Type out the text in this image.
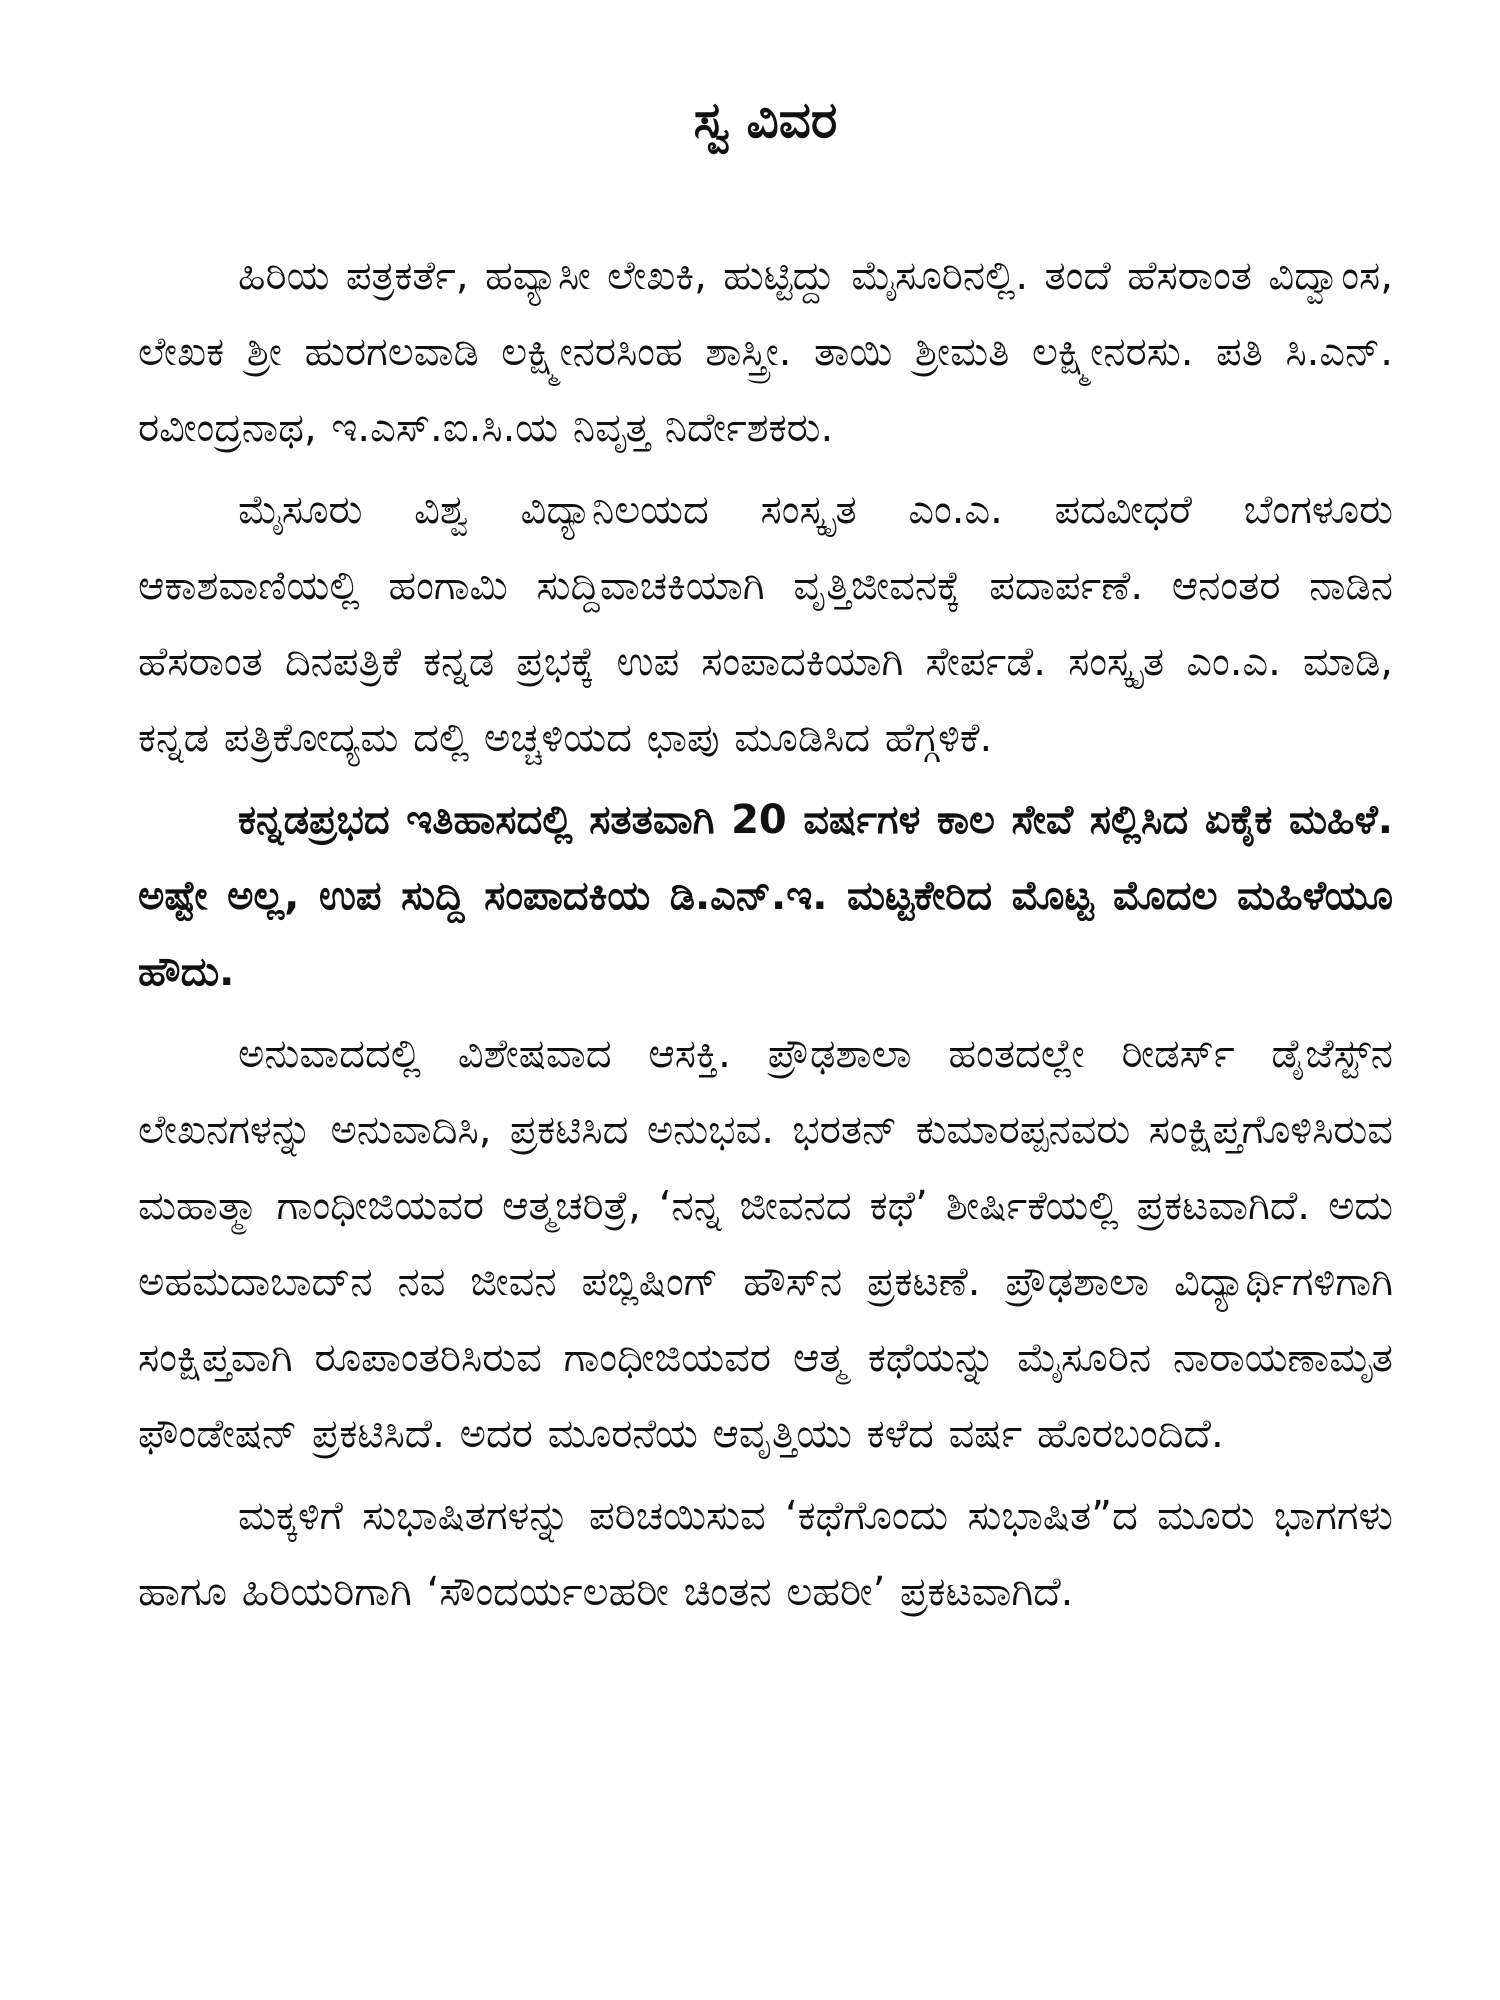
ಸ್ವ ವಿವರ

ಹಿರಿಯ ಪತ್ರಕರ್ತೆ, ಹವ್ಯಾಸೀ ಲೇಖಕಿ, ಹುಟ್ಟಿದ್ದು ಮೈಸೂರಿನಲ್ಲಿ. ತಂದೆ ಹೆಸರಾಂತ ವಿದ್ವಾಂಸ, ಲೇಖಕ ಶ್ರೀ ಹುರಗಲವಾಡಿ ಲಕ್ಷ್ಮೀನರಸಿಂಹ ಶಾಸ್ತ್ರೀ. ತಾಯಿ ಶ್ರೀಮತಿ ಲಕ್ಷ್ಮೀನರಸು. ಪತಿ ಸಿ.ಎನ್. ರವೀಂದ್ರನಾಥ, ಇ.ಎಸ್.ಐ.ಸಿ.ಯ ನಿವೃತ್ತ ನಿರ್ದೇಶಕರು.

ಮೈಸೂರು ವಿಶ್ವ ವಿದ್ಯಾನಿಲಯದ ಸಂಸ್ಕೃತ ಎಂ.ಎ. ಪದವೀಧರೆ ಬೆಂಗಳೂರು ಆಕಾಶವಾಣಿಯಲ್ಲಿ ಹಂಗಾಮಿ ಸುದ್ದಿವಾಚಕಿಯಾಗಿ ವೃತ್ತಿಜೀವನಕ್ಕೆ ಪದಾರ್ಪಣೆ. ಆನಂತರ ನಾಡಿನ ಹೆಸರಾಂತ ದಿನಪತ್ರಿಕೆ ಕನ್ನಡ ಪ್ರಭಕ್ಕೆ ಉಪ ಸಂಪಾದಕಿಯಾಗಿ ಸೇರ್ಪಡೆ. ಸಂಸ್ಕೃತ ಎಂ.ಎ. ಮಾಡಿ, ಕನ್ನಡ ಪತ್ರಿಕೋದ್ಯಮ ದಲ್ಲಿ ಅಚ್ಚಳಿಯದ ಛಾಪು ಮೂಡಿಸಿದ ಹೆಗ್ಗಳಿಕೆ.

ಕನ್ನಡಪ್ರಭದ ಇತಿಹಾಸದಲ್ಲಿ ಸತತವಾಗಿ 20 ವರ್ಷಗಳ ಕಾಲ ಸೇವೆ ಸಲ್ಲಿಸಿದ ಏಕೈಕ ಮಹಿಳೆ. ಅಷ್ಟೇ ಅಲ್ಲ, ಉಪ ಸುದ್ದಿ ಸಂಪಾದಕಿಯ ಡಿ.ಎನ್.ಇ. ಮಟ್ಟಕೇರಿದ ಮೊಟ್ಟ ಮೊದಲ ಮಹಿಳೆಯೂ ಹೌದು.

ಅನುವಾದದಲ್ಲಿ ವಿಶೇಷವಾದ ಆಸಕ್ತಿ. ಪ್ರೌಢಶಾಲಾ ಹಂತದಲ್ಲೇ ರೀಡರ್ಸ್ ಡೈಜೆಸ್ಟ್‌ನ ಲೇಖನಗಳನ್ನು ಅನುವಾದಿಸಿ, ಪ್ರಕಟಿಸಿದ ಅನುಭವ. ಭರತನ್ ಕುಮಾರಪ್ಪನವರು ಸಂಕ್ಷಿಪ್ತಗೊಳಿಸಿರುವ ಮಹಾತ್ಮಾ ಗಾಂಧೀಜಿಯವರ ಆತ್ಮಚರಿತ್ರೆ, ‘ನನ್ನ ಜೀವನದ ಕಥೆ’ ಶೀರ್ಷಿಕೆಯಲ್ಲಿ ಪ್ರಕಟವಾಗಿದೆ. ಅದು ಅಹಮದಾಬಾದ್‌ನ ನವ ಜೀವನ ಪಬ್ಲಿಷಿಂಗ್ ಹೌಸ್‌ನ ಪ್ರಕಟಣೆ. ಪ್ರೌಢಶಾಲಾ ವಿದ್ಯಾರ್ಥಿಗಳಿಗಾಗಿ ಸಂಕ್ಷಿಪ್ತವಾಗಿ ರೂಪಾಂತರಿಸಿರುವ ಗಾಂಧೀಜಿಯವರ ಆತ್ಮ ಕಥೆಯನ್ನು ಮೈಸೂರಿನ ನಾರಾಯಣಾಮೃತ ಫೌಂಡೇಷನ್ ಪ್ರಕಟಿಸಿದೆ. ಅದರ ಮೂರನೆಯ ಆವೃತ್ತಿಯು ಕಳೆದ ವರ್ಷ ಹೊರಬಂದಿದೆ.

ಮಕ್ಕಳಿಗೆ ಸುಭಾಷಿತಗಳನ್ನು ಪರಿಚಯಿಸುವ ‘ಕಥೆಗೊಂದು ಸುಭಾಷಿತ”ದ ಮೂರು ಭಾಗಗಳು ಹಾಗೂ ಹಿರಿಯರಿಗಾಗಿ ‘ಸೌಂದರ್ಯಲಹರೀ ಚಿಂತನ ಲಹರೀ’ ಪ್ರಕಟವಾಗಿದೆ.
